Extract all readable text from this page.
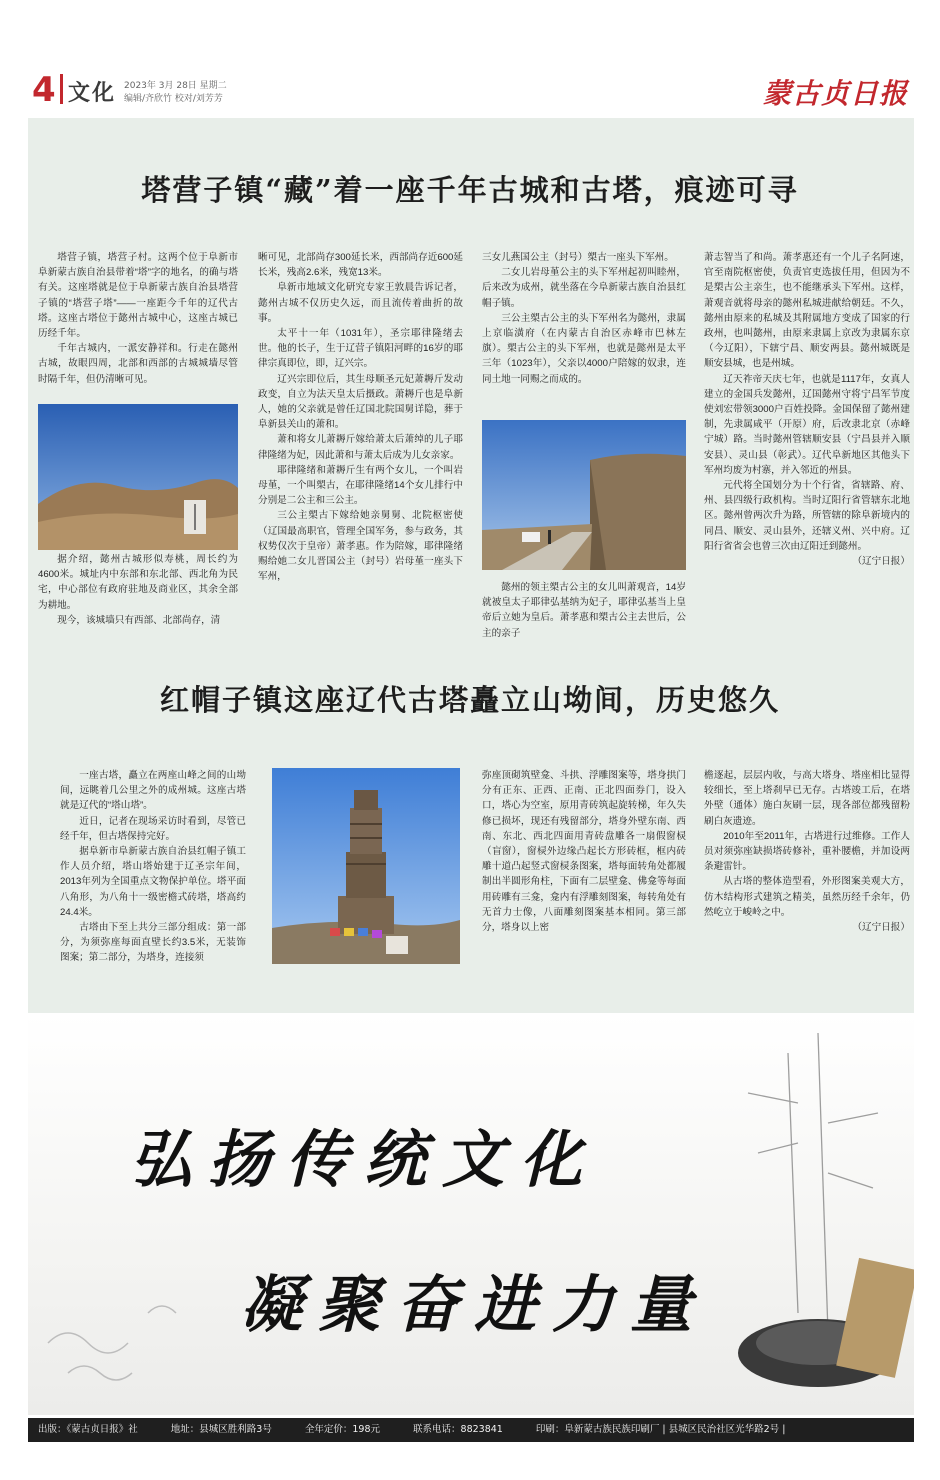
4 文化 2023年 3月 28日 星期二
编辑/齐欣竹 校对/刘芳芳	蒙古贞日报
塔营子镇“藏”着一座千年古城和古塔，痕迹可寻

塔营子镇，塔营子村。这两个位于阜新市阜新蒙古族自治县带着“塔”字的地名，的确与塔有关。这座塔就是位于阜新蒙古族自治县塔营子镇的“塔营子塔”——一座距今千年的辽代古塔。这座古塔位于懿州古城中心，这座古城已历经千年。

千年古城内，一派安静祥和。行走在懿州古城，故眼四周，北部和西部的古城城墙尽管时隔千年，但仍清晰可见。

据介绍，懿州古城形似寿桃，周长约为4600米。城址内中东部和东北部、西北角为民宅，中心部位有政府驻地及商业区，其余全部为耕地。

现今，该城墙只有西部、北部尚存，清

晰可见，北部尚存300延长米，西部尚存近600延长米，残高2.6米，残宽13米。

阜新市地域文化研究专家王敦晨告诉记者，懿州古城不仅历史久远，而且流传着曲折的故事。

太平十一年（1031年），圣宗耶律隆绪去世。他的长子，生于辽营子镇阳河畔的16岁的耶律宗真即位，即，辽兴宗。

辽兴宗即位后，其生母顺圣元妃萧耨斤发动政变，自立为法天皇太后摄政。萧耨斤也是阜新人，她的父亲就是曾任辽国北院国舅详隐，葬于阜新县关山的萧和。

萧和将女儿萧耨斤嫁给萧太后萧绰的儿子耶律隆绪为妃，因此萧和与萧太后成为儿女亲家。

耶律隆绪和萧耨斤生有两个女儿，一个叫岩母堇，一个叫槊古，在耶律隆绪14个女儿排行中分别是二公主和三公主。

三公主槊古下嫁给她亲舅舅、北院枢密使（辽国最高职官，管理全国军务，参与政务，其权势仅次于皇帝）萧孝惠。作为陪嫁，耶律隆绪赐给她二女儿晋国公主（封号）岩母堇一座头下军州，

三女儿燕国公主（封号）槊古一座头下军州。

二女儿岩母堇公主的头下军州起初叫睦州，后来改为成州，就坐落在今阜新蒙古族自治县红帽子镇。

三公主槊古公主的头下军州名为懿州，隶属上京临潢府（在内蒙古自治区赤峰市巴林左旗）。槊古公主的头下军州，也就是懿州是太平三年（1023年），父亲以4000户陪嫁的奴隶，连同土地一同赐之而成的。

懿州的领主槊古公主的女儿叫萧观音，14岁就被皇太子耶律弘基纳为妃子，耶律弘基当上皇帝后立她为皇后。萧孝惠和槊古公主去世后，公主的亲子

萧志智当了和尚。萧孝惠还有一个儿子名阿速，官至南院枢密使，负责官吏选拔任用，但因为不是槊古公主亲生，也不能继承头下军州。这样，萧观音就将母亲的懿州私城进献给朝廷。不久，懿州由原来的私城及其附属地方变成了国家的行政州，也叫懿州，由原来隶属上京改为隶属东京（今辽阳），下辖宁昌、顺安两县。懿州城既是顺安县城，也是州城。

辽天祚帝天庆七年，也就是1117年，女真人建立的金国兵发懿州，辽国懿州守将宁昌军节度使刘宏带领3000户百姓投降。金国保留了懿州建制，先隶属咸平（开原）府，后改隶北京（赤峰宁城）路。当时懿州管辖顺安县（宁昌县并入顺安县）、灵山县（彰武）。辽代阜新地区其他头下军州均废为村寨，并入邻近的州县。

元代将全国划分为十个行省，省辖路、府、州、县四级行政机构。当时辽阳行省管辖东北地区。懿州曾两次升为路，所管辖的除阜新境内的同昌、顺安、灵山县外，还辖义州、兴中府。辽阳行省省会也曾三次由辽阳迁到懿州。

（辽宁日报）

红帽子镇这座辽代古塔矗立山坳间，历史悠久

一座古塔，矗立在两座山峰之间的山坳间，远眺着几公里之外的成州城。这座古塔就是辽代的“塔山塔”。

近日，记者在现场采访时看到，尽管已经千年，但古塔保持完好。

据阜新市阜新蒙古族自治县红帽子镇工作人员介绍，塔山塔始建于辽圣宗年间，2013年列为全国重点文物保护单位。塔平面八角形，为八角十一级密檐式砖塔，塔高约24.4米。

古塔由下至上共分三部分组成：第一部分，为须弥座每面直壁长约3.5米，无装饰图案；第二部分，为塔身，连接须

弥座顶砌筑壁龛、斗拱、浮雕图案等，塔身拱门分有正东、正西、正南、正北四面券门，设入口，塔心为空室，原用青砖筑起旋转梯，年久失修已损坏，现还有残留部分，塔身外壁东南、西南、东北、西北四面用青砖盘雕各一扇假窗棂（盲窗），窗棂外边缘凸起长方形砖框，框内砖雕十道凸起竖式窗棂条图案，塔每面转角处都履制出半圆形角柱，下面有二层壁龛、佛龛等每面用砖雕有三龛，龛内有浮雕刻图案，每转角处有无首力士像，八面雕刻图案基本相同。第三部分，塔身以上密

檐逐起，层层内收，与高大塔身、塔座相比显得较细长，至上塔刹早已无存。古塔竣工后，在塔外壁（通体）施白灰刷一层，现各部位都残留粉刷白灰遗迹。

2010年至2011年，古塔进行过维修。工作人员对须弥座缺损塔砖修补，重补腰檐，并加设两条避雷针。

从古塔的整体造型看，外形图案美观大方，仿木结构形式建筑之精美，虽然历经千余年，仍然屹立于峻岭之中。

（辽宁日报）

弘扬传统文化
凝聚奋进力量
出版：《蒙古贞日报》社	地址：县城区胜利路3号	全年定价：198元	联系电话：8823841	印刷：阜新蒙古族民族印刷厂 | 县城区民治社区光华路2号 |
